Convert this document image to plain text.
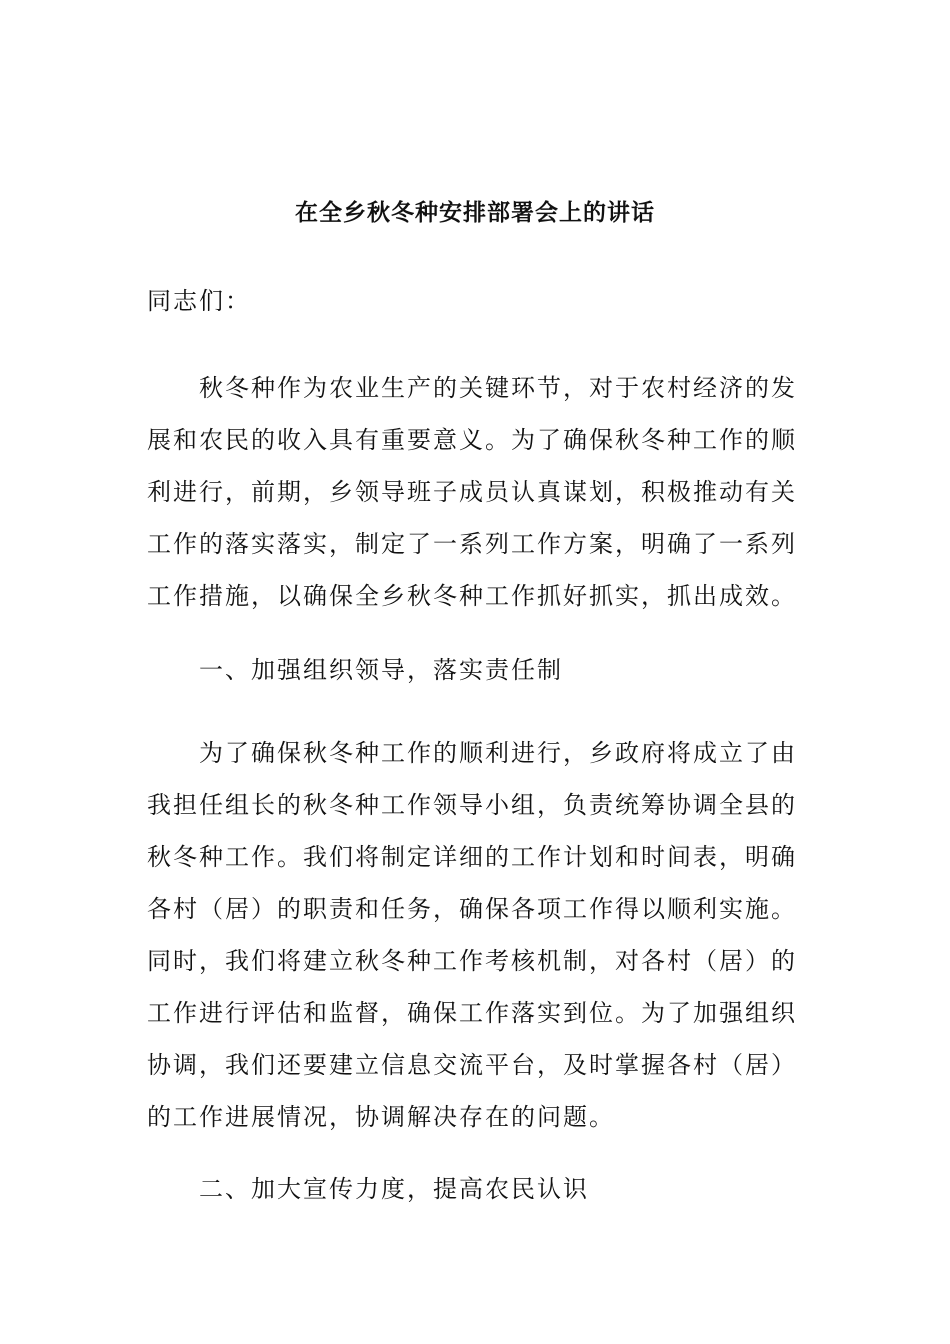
在全乡秋冬种安排部署会上的讲话
同志们：

秋冬种作为农业生产的关键环节，对于农村经济的发展和农民的收入具有重要意义。为了确保秋冬种工作的顺利进行，前期，乡领导班子成员认真谋划，积极推动有关工作的落实落实，制定了一系列工作方案，明确了一系列工作措施，以确保全乡秋冬种工作抓好抓实，抓出成效。

一、加强组织领导，落实责任制

为了确保秋冬种工作的顺利进行，乡政府将成立了由我担任组长的秋冬种工作领导小组，负责统筹协调全县的秋冬种工作。我们将制定详细的工作计划和时间表，明确各村（居）的职责和任务，确保各项工作得以顺利实施。同时，我们将建立秋冬种工作考核机制，对各村（居）的工作进行评估和监督，确保工作落实到位。为了加强组织协调，我们还要建立信息交流平台，及时掌握各村（居）的工作进展情况，协调解决存在的问题。

二、加大宣传力度，提高农民认识
